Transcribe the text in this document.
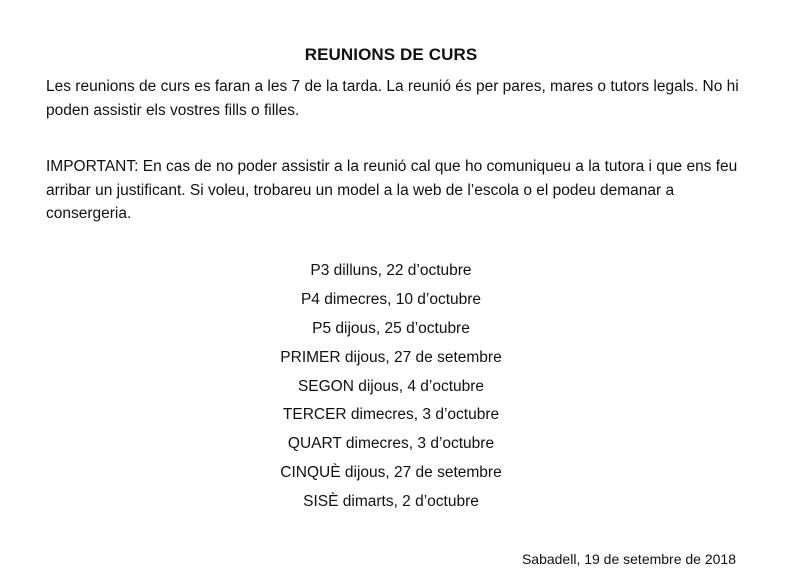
REUNIONS DE CURS

Les reunions de curs es faran a les 7 de la tarda. La reunió és per pares, mares o tutors legals. No hi poden assistir els vostres fills o filles.

IMPORTANT: En cas de no poder assistir a la reunió cal que ho comuniqueu a la tutora i que ens feu arribar un justificant. Si voleu, trobareu un model a la web de l’escola o el podeu demanar a consergeria.

P3 dilluns, 22 d’octubre
P4 dimecres, 10 d’octubre
P5 dijous, 25 d’octubre
PRIMER dijous, 27 de setembre
SEGON dijous, 4 d’octubre
TERCER dimecres, 3 d’octubre
QUART dimecres, 3 d’octubre
CINQUÈ dijous, 27 de setembre
SISÈ dimarts, 2 d’octubre
Sabadell, 19 de setembre de 2018
